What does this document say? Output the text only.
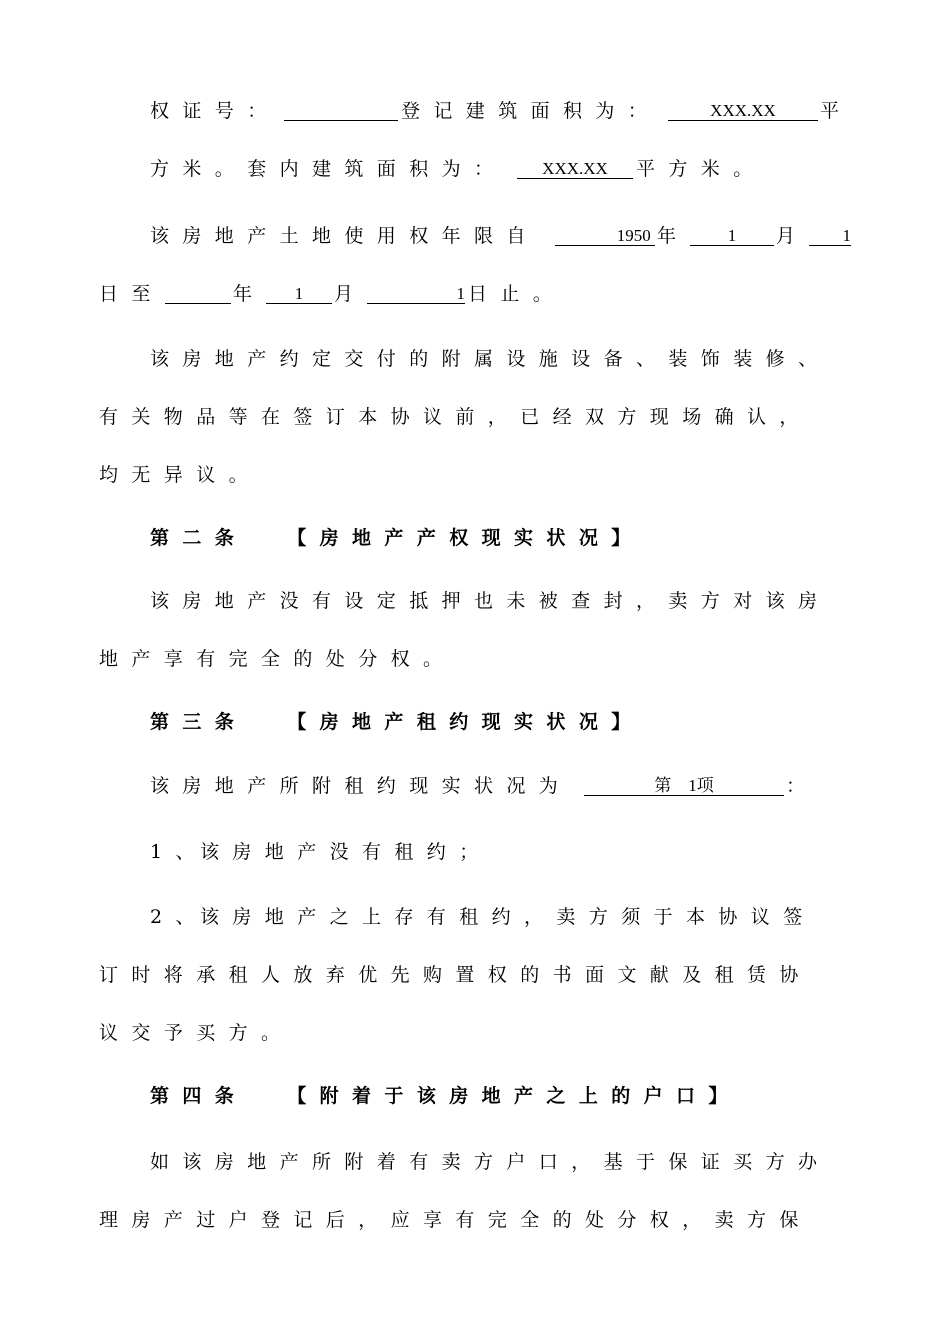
权证号：	登记建筑面积为：	XXX.XX	平
方米。套内建筑面积为：	XXX.XX	平方米。
该房地产土地使用权年限自	1950 年	1	月	1
日至	年	1	月	1 日止。
该房地产约定交付的附属设施设备、装饰装修、
有关物品等在签订本协议前，已经双方现场确认，
均无异议。
第二条  【房地产产权现实状况】
该房地产没有设定抵押也未被查封，卖方对该房
地产享有完全的处分权。
第三条  【房地产租约现实状况】
该房地产所附租约现实状况为	第    1项	：
1、
该房地产没有租约；
2、
该房地产之上存有租约，卖方须于本协议签
订时将承租人放弃优先购置权的书面文献及租赁协
议交予买方。
第四条  【附着于该房地产之上的户口】
如该房地产所附着有卖方户口，基于保证买方办
理房产过户登记后，应享有完全的处分权，卖方保
